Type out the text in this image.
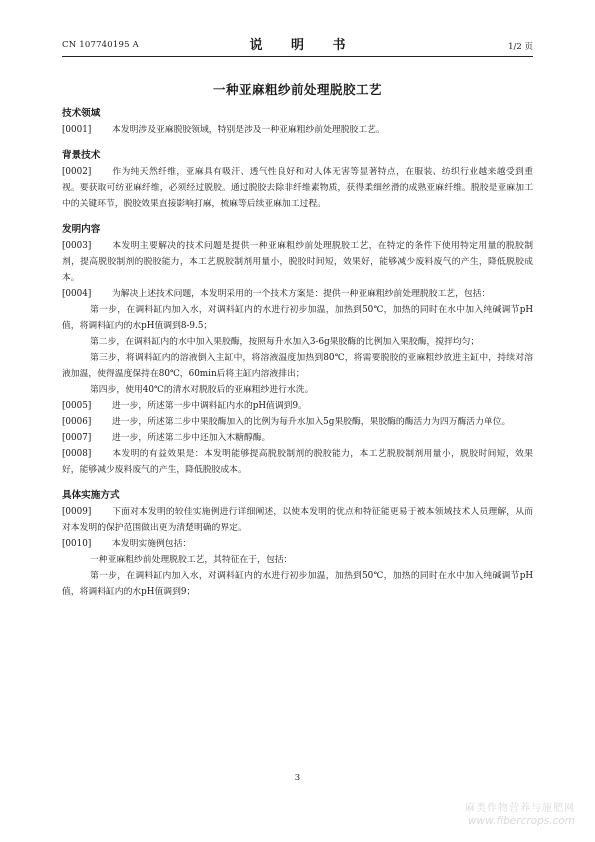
CN 107740195 A	说 明 书	1/2 页
一种亚麻粗纱前处理脱胶工艺
技术领域
[0001] 本发明涉及亚麻脱胶领域，特别是涉及一种亚麻粗纱前处理脱胶工艺。
背景技术
[0002] 作为纯天然纤维，亚麻具有吸汗、透气性良好和对人体无害等显著特点，在服装、纺织行业越来越受到重视。要获取可纺亚麻纤维，必须经过脱胶。通过脱胶去除非纤维素物质，获得柔细丝滑的成熟亚麻纤维。脱胶是亚麻加工中的关键环节，脱胶效果直接影响打麻，梳麻等后续亚麻加工过程。
发明内容
[0003] 本发明主要解决的技术问题是提供一种亚麻粗纱前处理脱胶工艺，在特定的条件下使用特定用量的脱胶制剂，提高脱胶制剂的脱胶能力，本工艺脱胶制剂用量小，脱胶时间短，效果好，能够减少废料废气的产生，降低脱胶成本。
[0004] 为解决上述技术问题，本发明采用的一个技术方案是：提供一种亚麻粗纱前处理脱胶工艺，包括：
第一步，在调料缸内加入水，对调料缸内的水进行初步加温，加热到50℃，加热的同时在水中加入纯碱调节pH值，将调料缸内的水pH值调到8-9.5；
第二步，在调料缸内的水中加入果胶酶，按照每升水加入3-6g果胶酶的比例加入果胶酶，搅拌均匀；
第三步，将调料缸内的溶液倒入主缸中，将溶液温度加热到80℃，将需要脱胶的亚麻粗纱放进主缸中，持续对溶液加温，使得温度保持在80℃，60min后将主缸内溶液排出；
第四步，使用40℃的清水对脱胶后的亚麻粗纱进行水洗。
[0005] 进一步，所述第一步中调料缸内水的pH值调到9。
[0006] 进一步，所述第二步中果胶酶加入的比例为每升水加入5g果胶酶，果胶酶的酶活力为四万酶活力单位。
[0007] 进一步，所述第二步中还加入木糖醇酶。
[0008] 本发明的有益效果是：本发明能够提高脱胶制剂的脱胶能力，本工艺脱胶制剂用量小，脱胶时间短，效果好，能够减少废料废气的产生，降低脱胶成本。
具体实施方式
[0009] 下面对本发明的较佳实施例进行详细阐述，以使本发明的优点和特征能更易于被本领域技术人员理解，从而对本发明的保护范围做出更为清楚明确的界定。
[0010] 本发明实施例包括：
一种亚麻粗纱前处理脱胶工艺，其特征在于，包括：
第一步，在调料缸内加入水，对调料缸内的水进行初步加温，加热到50℃，加热的同时在水中加入纯碱调节pH值，将调料缸内的水pH值调到9；
3
麻类作物营养与施肥网
www.fibercrops.com
